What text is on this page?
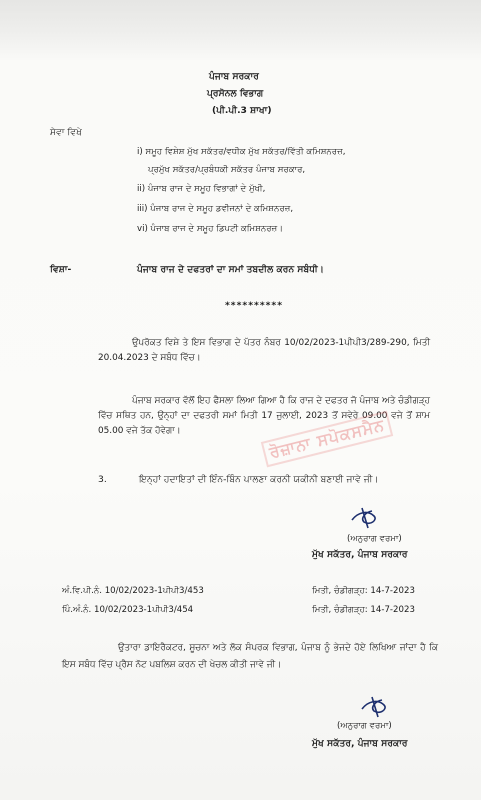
ਪੰਜਾਬ ਸਰਕਾਰ
ਪ੍ਰਸੋਨਲ ਵਿਭਾਗ
(ਪੀ.ਪੀ.3 ਸ਼ਾਖਾ)
ਸੇਵਾ ਵਿਖੇ
i) ਸਮੂਹ ਵਿਸ਼ੇਸ਼ ਮੁੱਖ ਸਕੱਤਰ/ਵਧੀਕ ਮੁੱਖ ਸਕੱਤਰ/ਵਿੱਤੀ ਕਮਿਸ਼ਨਰਜ਼,
ਪ੍ਰਮੁੱਖ ਸਕੱਤਰ/ਪ੍ਰਬੰਧਕੀ ਸਕੱਤਰ ਪੰਜਾਬ ਸਰਕਾਰ,
ii) ਪੰਜਾਬ ਰਾਜ ਦੇ ਸਮੂਹ ਵਿਭਾਗਾਂ ਦੇ ਮੁੱਖੀ,
iii) ਪੰਜਾਬ ਰਾਜ ਦੇ ਸਮੂਹ ਡਵੀਜਨਾਂ ਦੇ ਕਮਿਸ਼ਨਰਜ਼,
vi) ਪੰਜਾਬ ਰਾਜ ਦੇ ਸਮੂਹ ਡਿਪਟੀ ਕਮਿਸ਼ਨਰਜ਼।
ਵਿਸ਼ਾ-	ਪੰਜਾਬ ਰਾਜ ਦੇ ਦਫਤਰਾਂ ਦਾ ਸਮਾਂ ਤਬਦੀਲ ਕਰਨ ਸਬੰਧੀ।
**********
ਉਪਰੋਕਤ ਵਿਸ਼ੇ ਤੇ ਇਸ ਵਿਭਾਗ ਦੇ ਪੱਤਰ ਨੰਬਰ 10/02/2023-1ਪੀਪੀ3/289-290, ਮਿਤੀ 20.04.2023 ਦੇ ਸਬੰਧ ਵਿੱਚ।
ਪੰਜਾਬ ਸਰਕਾਰ ਵੱਲੋਂ ਇਹ ਫੈਸਲਾ ਲਿਆ ਗਿਆ ਹੈ ਕਿ ਰਾਜ ਦੇ ਦਫਤਰ ਜੋ ਪੰਜਾਬ ਅਤੇ ਚੰਡੀਗੜ੍ਹ ਵਿੱਚ ਸਥਿਤ ਹਨ, ਉਨ੍ਹਾਂ ਦਾ ਦਫਤਰੀ ਸਮਾਂ ਮਿਤੀ 17 ਜੁਲਾਈ, 2023 ਤੋਂ ਸਵੇਰੇ 09.00 ਵਜੇ ਤੋਂ ਸ਼ਾਮ 05.00 ਵਜੇ ਤੱਕ ਹੋਵੇਗਾ।	ਰੋਜ਼ਾਨਾ ਸਪੋਕਸਮੈਨ
3.	ਇਨ੍ਹਾਂ ਹਦਾਇਤਾਂ ਦੀ ਇੰਨ-ਬਿੰਨ ਪਾਲਣਾ ਕਰਨੀ ਯਕੀਨੀ ਬਣਾਈ ਜਾਵੇ ਜੀ।
(ਅਨੁਰਾਗ ਵਰਮਾ)
ਮੁੱਖ ਸਕੱਤਰ, ਪੰਜਾਬ ਸਰਕਾਰ
ਅੰ.ਵਿ.ਪੀ.ਨੰ. 10/02/2023-1ਪੀਪੀ3/453	ਮਿਤੀ, ਚੰਡੀਗੜ੍ਹ: 14-7-2023
ਪਿੰ.ਅੰ.ਨੰ. 10/02/2023-1ਪੀਪੀ3/454	ਮਿਤੀ, ਚੰਡੀਗੜ੍ਹ: 14-7-2023
ਉਤਾਰਾ ਡਾਇਰੈਕਟਰ, ਸੂਚਨਾ ਅਤੇ ਲੋਕ ਸੰਪਰਕ ਵਿਭਾਗ, ਪੰਜਾਬ ਨੂੰ ਭੇਜਦੇ ਹੋਏ ਲਿਖਿਆ ਜਾਂਦਾ ਹੈ ਕਿ ਇਸ ਸਬੰਧ ਵਿੱਚ ਪ੍ਰੈਸ ਨੋਟ ਪਬਲਿਸ਼ ਕਰਨ ਦੀ ਖੇਚਲ ਕੀਤੀ ਜਾਵੇ ਜੀ।
(ਅਨੁਰਾਗ ਵਰਮਾ)
ਮੁੱਖ ਸਕੱਤਰ, ਪੰਜਾਬ ਸਰਕਾਰ
